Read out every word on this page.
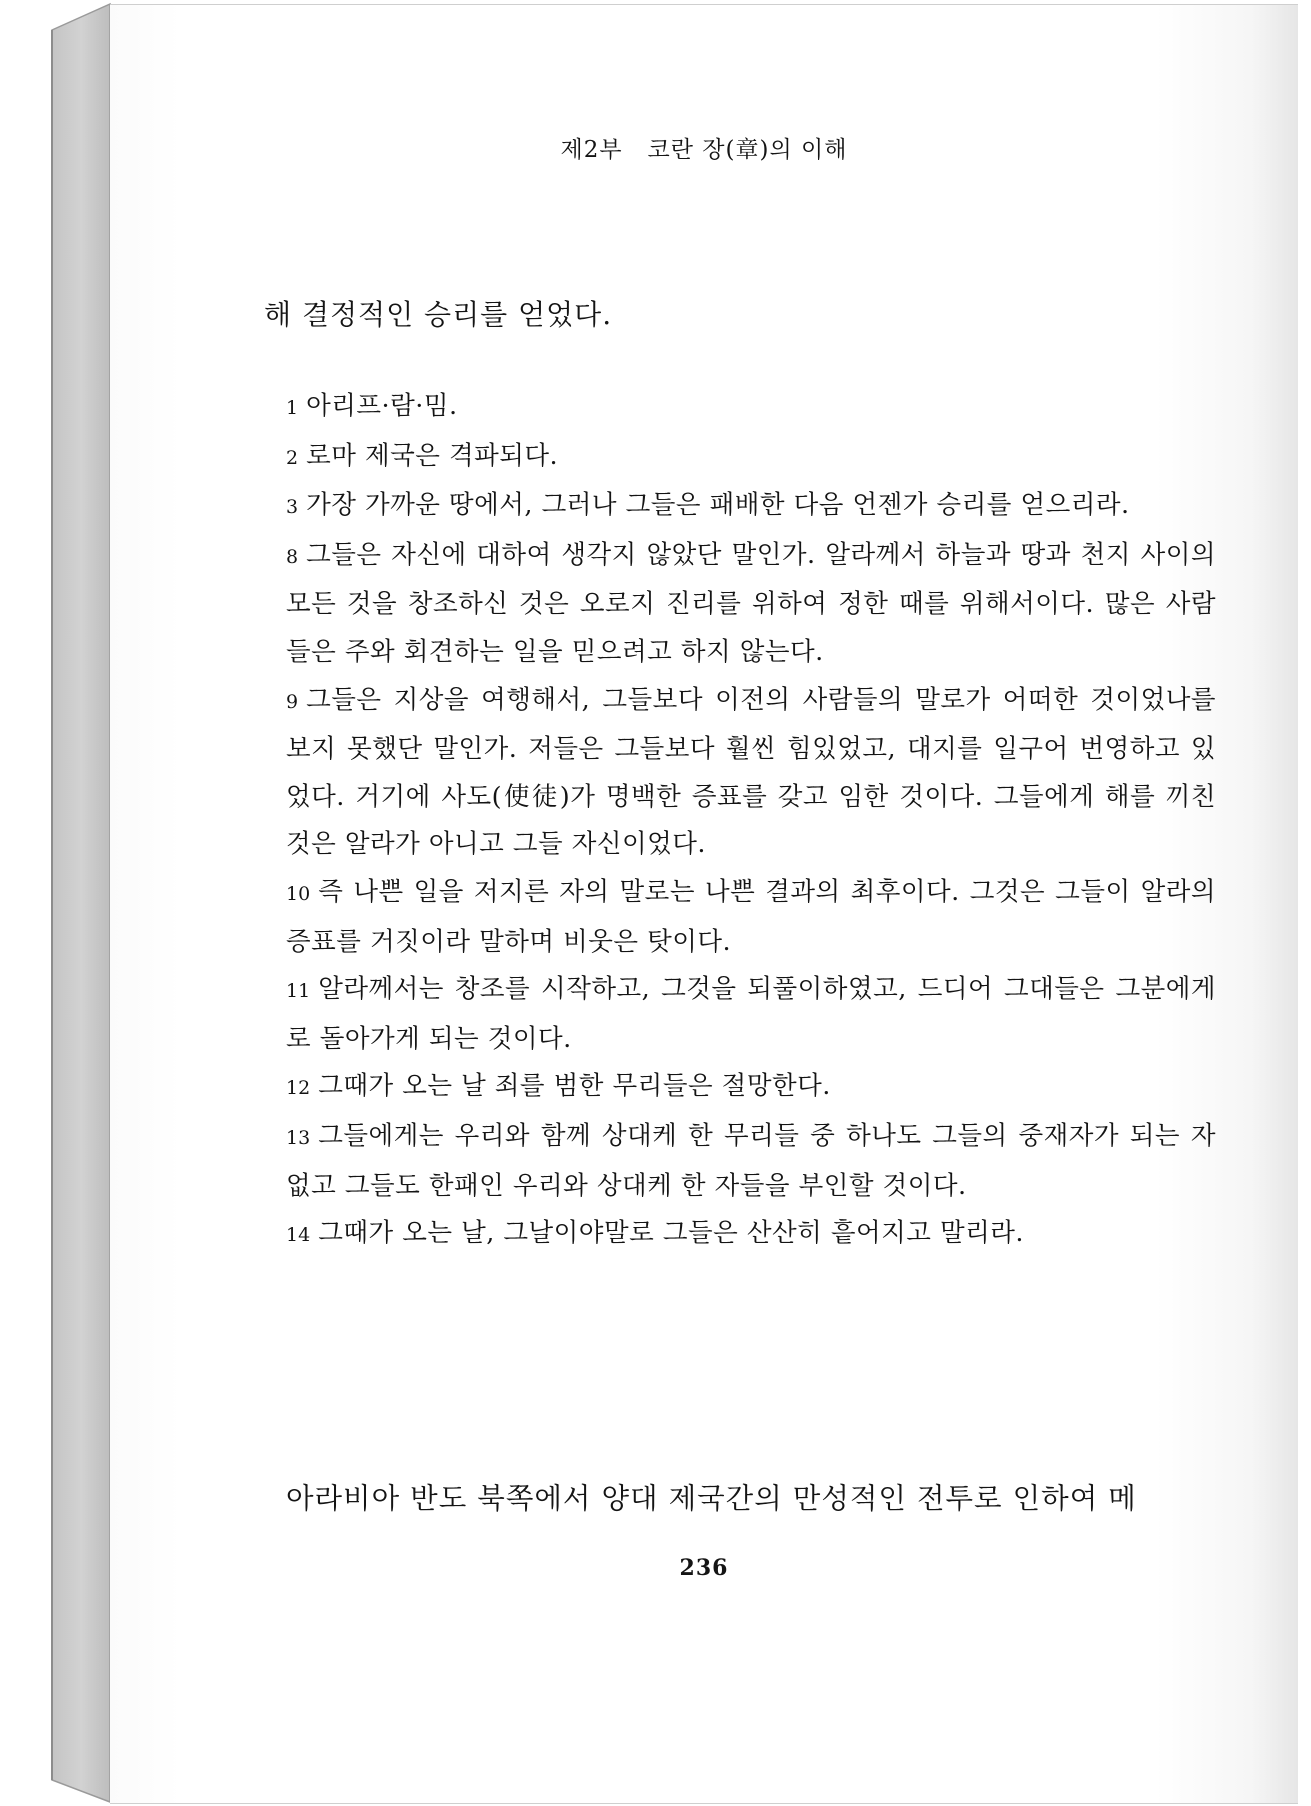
제2부   코란 장(章)의 이해
해 결정적인 승리를 얻었다.

1 아리프·람·밈.

2 로마 제국은 격파되다.

3 가장 가까운 땅에서, 그러나 그들은 패배한 다음 언젠가 승리를 얻으리라.

8 그들은 자신에 대하여 생각지 않았단 말인가. 알라께서 하늘과 땅과 천지 사이의 모든 것을 창조하신 것은 오로지 진리를 위하여 정한 때를 위해서이다. 많은 사람들은 주와 회견하는 일을 믿으려고 하지 않는다.

9 그들은 지상을 여행해서, 그들보다 이전의 사람들의 말로가 어떠한 것이었나를 보지 못했단 말인가. 저들은 그들보다 훨씬 힘있었고, 대지를 일구어 번영하고 있었다. 거기에 사도(使徒)가 명백한 증표를 갖고 임한 것이다. 그들에게 해를 끼친 것은 알라가 아니고 그들 자신이었다.

10 즉 나쁜 일을 저지른 자의 말로는 나쁜 결과의 최후이다. 그것은 그들이 알라의 증표를 거짓이라 말하며 비웃은 탓이다.

11 알라께서는 창조를 시작하고, 그것을 되풀이하였고, 드디어 그대들은 그분에게로 돌아가게 되는 것이다.

12 그때가 오는 날 죄를 범한 무리들은 절망한다.

13 그들에게는 우리와 함께 상대케 한 무리들 중 하나도 그들의 중재자가 되는 자 없고 그들도 한패인 우리와 상대케 한 자들을 부인할 것이다.

14 그때가 오는 날, 그날이야말로 그들은 산산히 흩어지고 말리라.

아라비아 반도 북쪽에서 양대 제국간의 만성적인 전투로 인하여 메
236
